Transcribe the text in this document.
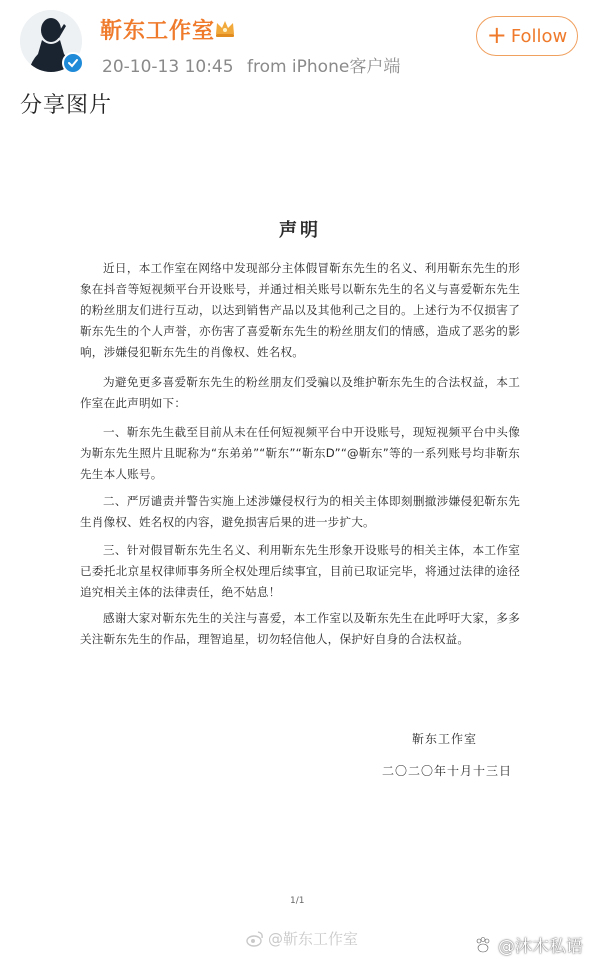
靳东工作室
20-10-13 10:45 from iPhone客户端
+ Follow
分享图片
声明
近日，本工作室在网络中发现部分主体假冒靳东先生的名义、利用靳东先生的形象在抖音等短视频平台开设账号，并通过相关账号以靳东先生的名义与喜爱靳东先生的粉丝朋友们进行互动，以达到销售产品以及其他利己之目的。上述行为不仅损害了靳东先生的个人声誉，亦伤害了喜爱靳东先生的粉丝朋友们的情感，造成了恶劣的影响，涉嫌侵犯靳东先生的肖像权、姓名权。
为避免更多喜爱靳东先生的粉丝朋友们受骗以及维护靳东先生的合法权益，本工作室在此声明如下：
一、靳东先生截至目前从未在任何短视频平台中开设账号，现短视频平台中头像为靳东先生照片且昵称为“东弟弟”“靳东”“靳东D”“@靳东”等的一系列账号均非靳东先生本人账号。
二、严厉谴责并警告实施上述涉嫌侵权行为的相关主体即刻删撤涉嫌侵犯靳东先生肖像权、姓名权的内容，避免损害后果的进一步扩大。
三、针对假冒靳东先生名义、利用靳东先生形象开设账号的相关主体，本工作室已委托北京星权律师事务所全权处理后续事宜，目前已取证完毕，将通过法律的途径追究相关主体的法律责任，绝不姑息！
感谢大家对靳东先生的关注与喜爱，本工作室以及靳东先生在此呼吁大家，多多关注靳东先生的作品，理智追星，切勿轻信他人，保护好自身的合法权益。
靳东工作室
二〇二〇年十月十三日
1/1
@靳东工作室	@沐木私语
